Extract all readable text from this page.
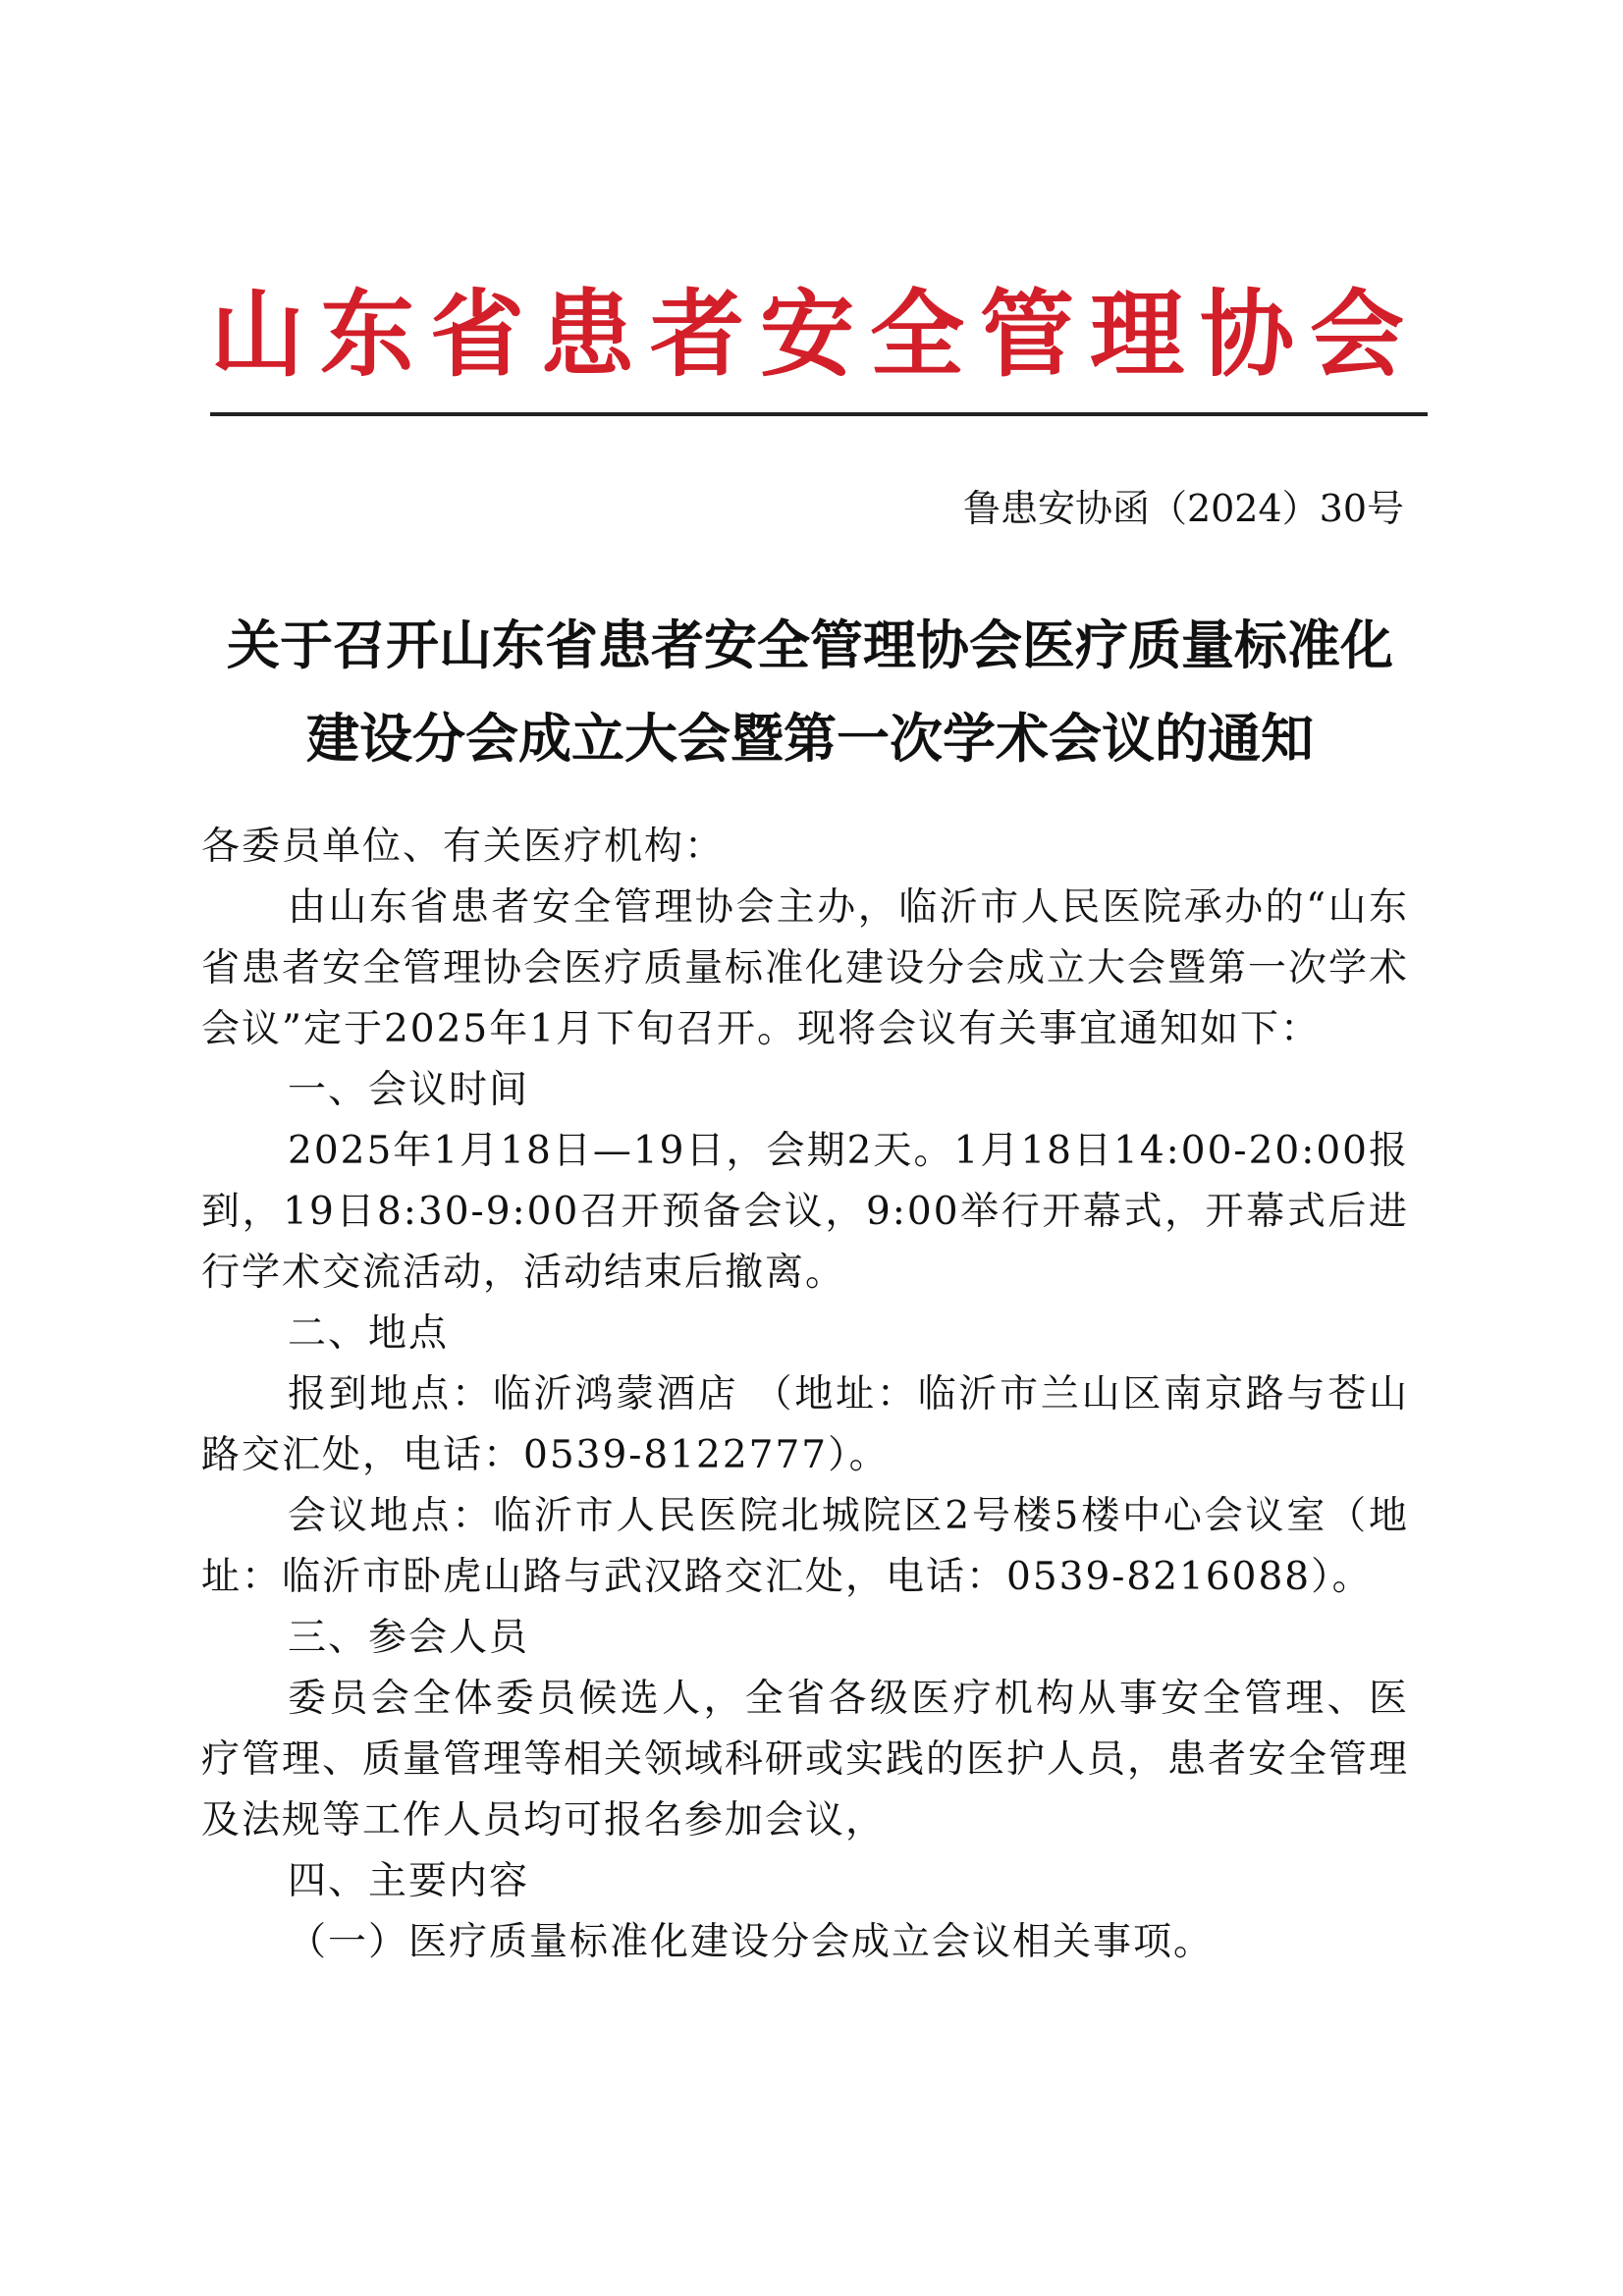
山东省患者安全管理协会
鲁患安协函（2024）30号
关于召开山东省患者安全管理协会医疗质量标准化
建设分会成立大会暨第一次学术会议的通知

各委员单位、有关医疗机构：

由山东省患者安全管理协会主办，临沂市人民医院承办的“山东省患者安全管理协会医疗质量标准化建设分会成立大会暨第一次学术会议”定于2025年1月下旬召开。现将会议有关事宜通知如下：

一、会议时间

2025年1月18日—19日，会期2天。1月18日14:00-20:00报到，19日8:30-9:00召开预备会议，9:00举行开幕式，开幕式后进行学术交流活动，活动结束后撤离。

二、地点

报到地点：临沂鸿蒙酒店 （地址：临沂市兰山区南京路与苍山路交汇处，电话：0539-8122777）。

会议地点：临沂市人民医院北城院区2号楼5楼中心会议室（地址：临沂市卧虎山路与武汉路交汇处，电话：0539-8216088）。

三、参会人员

委员会全体委员候选人，全省各级医疗机构从事安全管理、医疗管理、质量管理等相关领域科研或实践的医护人员，患者安全管理及法规等工作人员均可报名参加会议，

四、主要内容

（一）医疗质量标准化建设分会成立会议相关事项。
